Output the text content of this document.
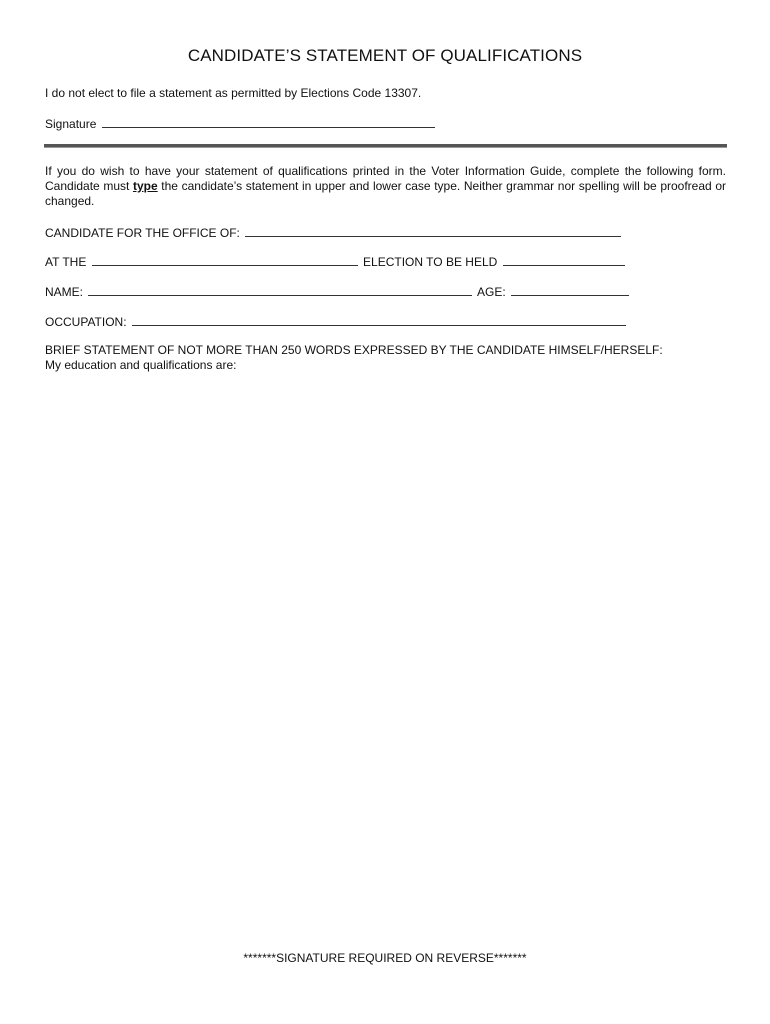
CANDIDATE’S STATEMENT OF QUALIFICATIONS
I do not elect to file a statement as permitted by Elections Code 13307.
Signature
If you do wish to have your statement of qualifications printed in the Voter Information Guide, complete the following form. Candidate must type the candidate’s statement in upper and lower case type. Neither grammar nor spelling will be proofread or changed.
CANDIDATE FOR THE OFFICE OF:
AT THE	ELECTION TO BE HELD
NAME:	AGE:
OCCUPATION:
BRIEF STATEMENT OF NOT MORE THAN 250 WORDS EXPRESSED BY THE CANDIDATE HIMSELF/HERSELF:
My education and qualifications are:
*******SIGNATURE REQUIRED ON REVERSE*******
